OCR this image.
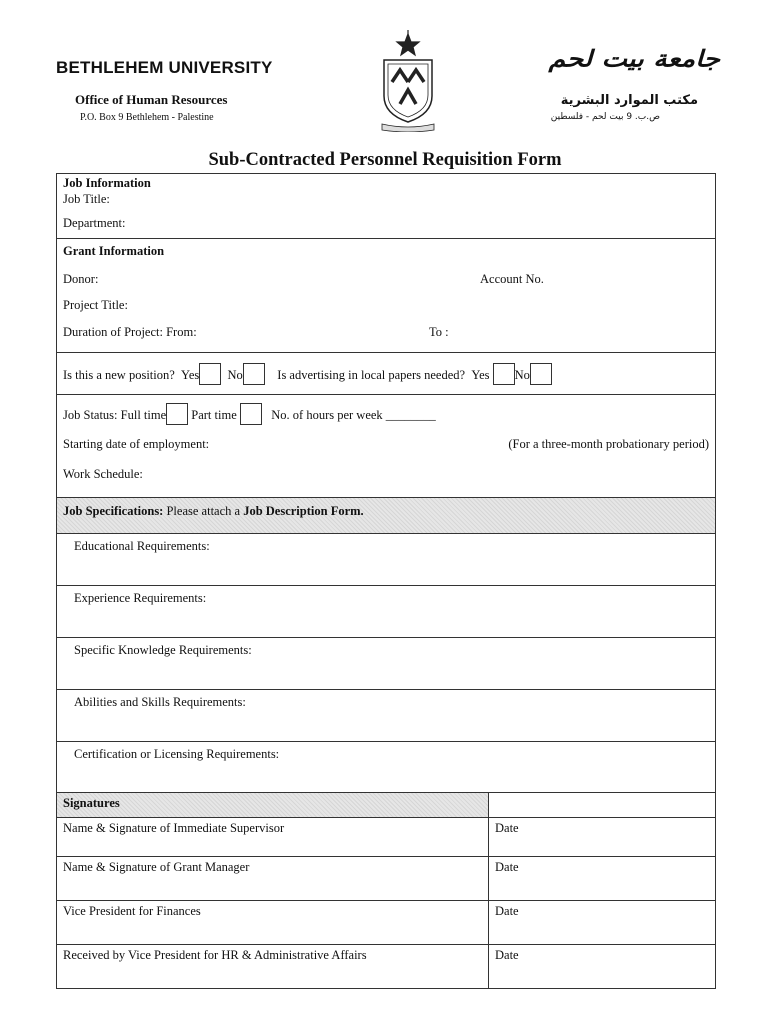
BETHLEHEM UNIVERSITY
Office of Human Resources
P.O. Box 9 Bethlehem - Palestine
جامعة بيت لحم
مكتب الموارد البشرية
ص.ب. 9 بيت لحم - فلسطين
Sub-Contracted Personnel Requisition Form
Job Information
Job Title:
Department:
Grant Information
Donor:	Account No.
Project Title:
Duration of Project: From:	To :
Is this a new position? Yes No	Is advertising in local papers needed? Yes No
Job Status: Full time Part time	No. of hours per week ________
Starting date of employment:	(For a three-month probationary period)
Work Schedule:
Job Specifications: Please attach a Job Description Form.
Educational Requirements:
Experience Requirements:
Specific Knowledge Requirements:
Abilities and Skills Requirements:
Certification or Licensing Requirements:
Signatures	
Name & Signature of Immediate Supervisor	Date
Name & Signature of Grant Manager	Date
Vice President for Finances	Date
Received by Vice President for HR & Administrative Affairs	Date
